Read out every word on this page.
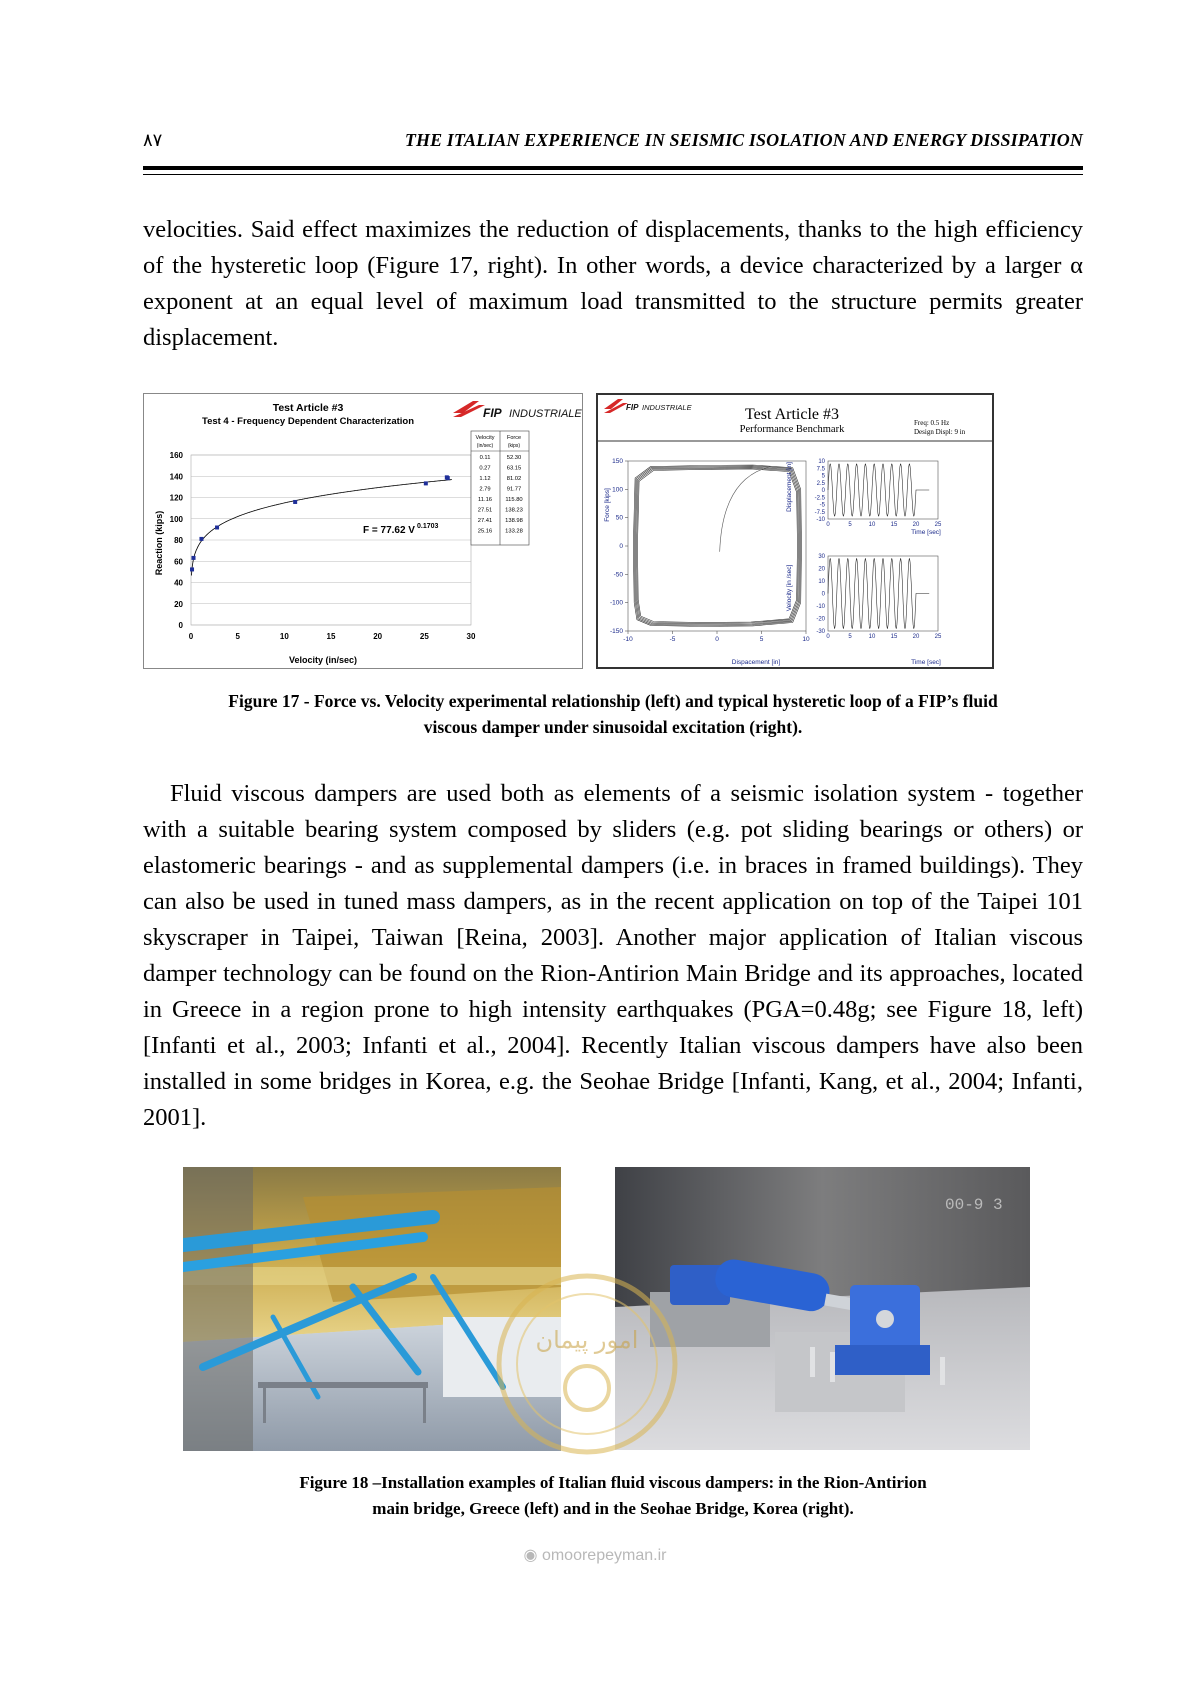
۸۷	THE ITALIAN EXPERIENCE IN SEISMIC ISOLATION AND ENERGY DISSIPATION

velocities. Said effect maximizes the reduction of displacements, thanks to the high efficiency of the hysteretic loop (Figure 17, right). In other words, a device characterized by a larger α exponent at an equal level of maximum load transmitted to the structure permits greater displacement.

Test Article #3
Test 4 - Frequency Dependent Characterization
FIP INDUSTRIALE
0
20
40
60
80
100
120
140
160
0	5	10	15	20	25	30
Velocity (in/sec)
Reaction (kips)	F = 77.62 V $^{0.1703}$
Velocity Force
(in/sec)	(kips)
0.11	52.30
0.27	63.15
1.12	81.02
2.79	91.77
11.16 115.80
27.51 138.23
27.41 138.98
25.16 133.28
FIP INDUSTRIALE	Test Article #3
Performance Benchmark
Freq: 0.5 Hz
Design Displ: 9 in
150
100
50
0
-50
-100
-150
-10	-5	0	5	10
Force [kips]
Dispacement [in]
10
7.5
5
2.5
0
-2.5
-5
-7.5
-10
0	5	10	15	20	25
Displacement [in]
Time [sec]
30
20
10
0
-10
-20
-30
0	5	10	15	20	25
Velocity [in /sec]
Time [sec]
Figure 17 - Force vs. Velocity experimental relationship (left) and typical hysteretic loop of a FIP’s fluid
viscous damper under sinusoidal excitation (right).

Fluid viscous dampers are used both as elements of a seismic isolation system - together with a suitable bearing system composed by sliders (e.g. pot sliding bearings or others) or elastomeric bearings - and as supplemental dampers (i.e. in braces in framed buildings). They can also be used in tuned mass dampers, as in the recent application on top of the Taipei 101 skyscraper in Taipei, Taiwan [Reina, 2003]. Another major application of Italian viscous damper technology can be found on the Rion-Antirion Main Bridge and its approaches, located in Greece in a region prone to high intensity earthquakes (PGA=0.48g; see Figure 18, left) [Infanti et al., 2003; Infanti et al., 2004]. Recently Italian viscous dampers have also been installed in some bridges in Korea, e.g. the Seohae Bridge [Infanti, Kang, et al., 2004; Infanti, 2001].

00-9 3
امور پیمان
Figure 18 –Installation examples of Italian fluid viscous dampers: in the Rion-Antirion
main bridge, Greece (left) and in the Seohae Bridge, Korea (right).
◉ omoorepeyman.ir
